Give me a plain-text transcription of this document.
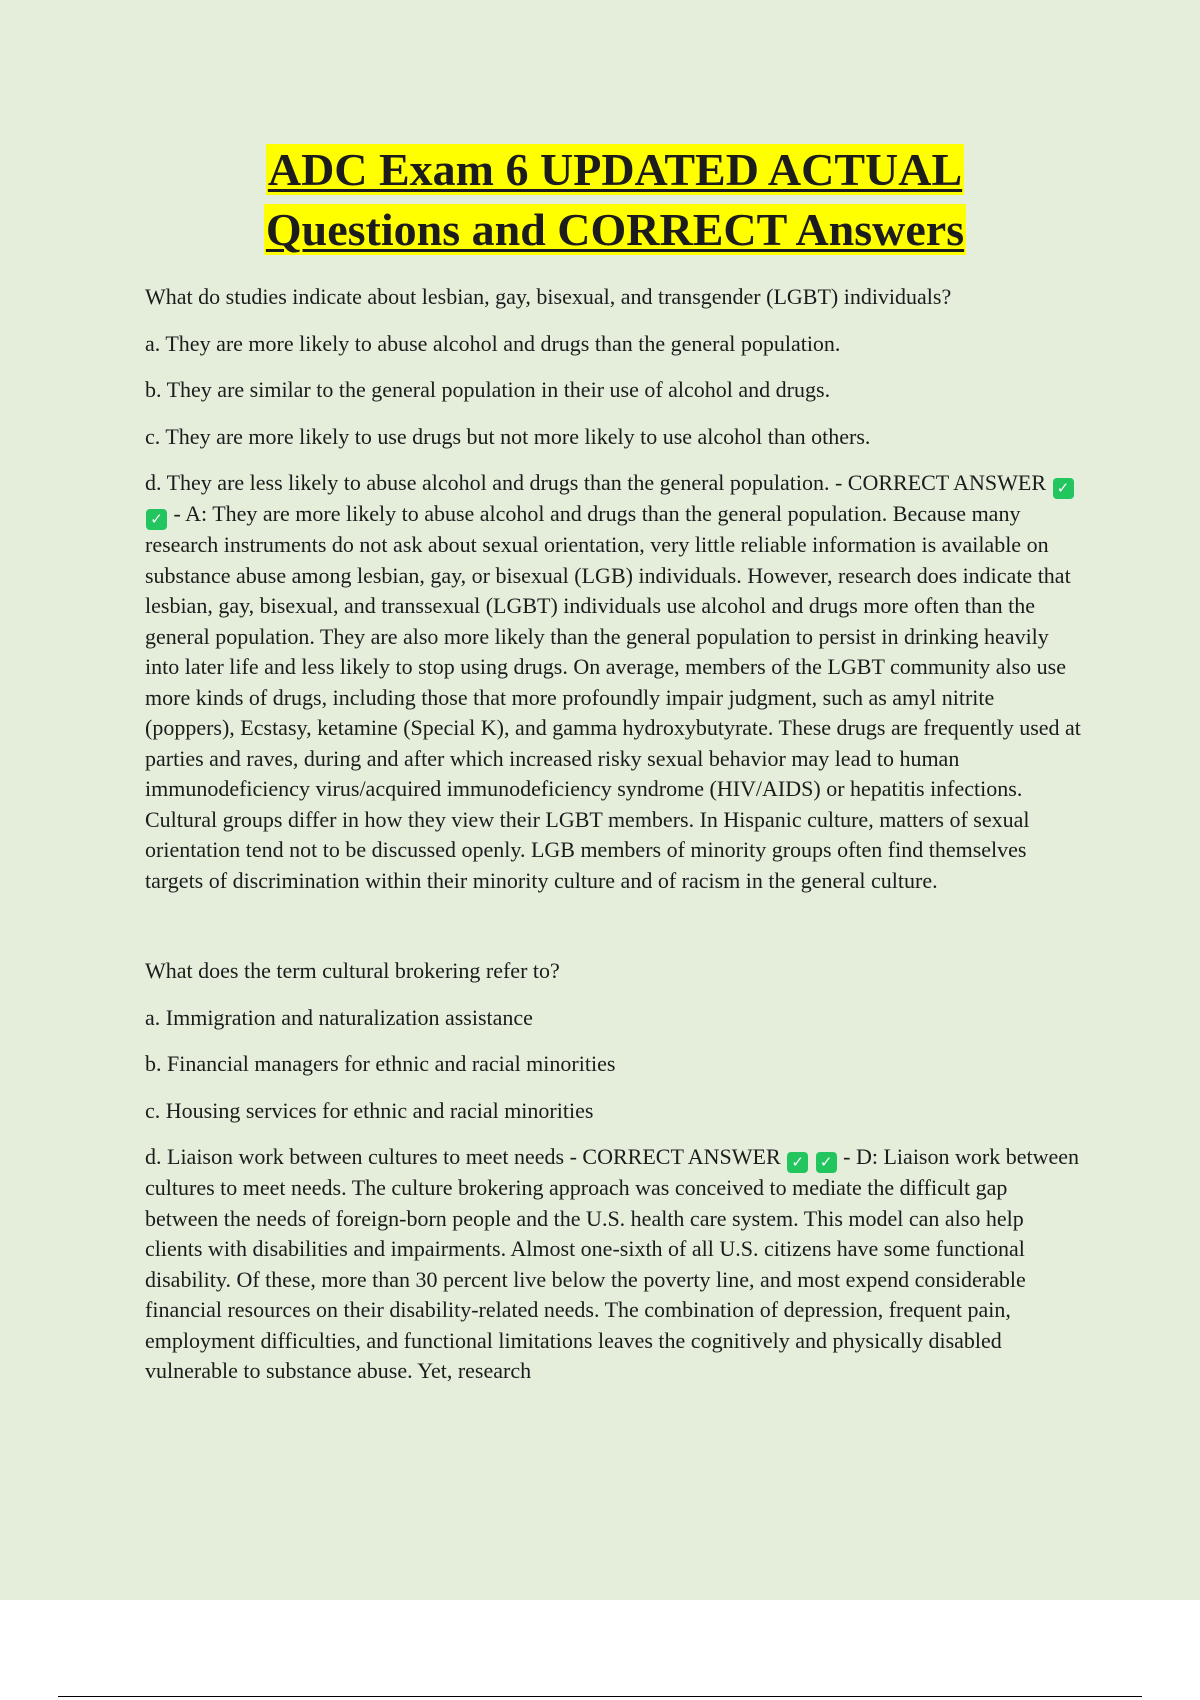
ADC Exam 6 UPDATED ACTUAL
Questions and CORRECT Answers

What do studies indicate about lesbian, gay, bisexual, and transgender (LGBT) individuals?

a. They are more likely to abuse alcohol and drugs than the general population.

b. They are similar to the general population in their use of alcohol and drugs.

c. They are more likely to use drugs but not more likely to use alcohol than others.

d. They are less likely to abuse alcohol and drugs than the general population. - CORRECT ANSWER ✓ ✓ - A: They are more likely to abuse alcohol and drugs than the general population. Because many research instruments do not ask about sexual orientation, very little reliable information is available on substance abuse among lesbian, gay, or bisexual (LGB) individuals. However, research does indicate that lesbian, gay, bisexual, and transsexual (LGBT) individuals use alcohol and drugs more often than the general population. They are also more likely than the general population to persist in drinking heavily into later life and less likely to stop using drugs. On average, members of the LGBT community also use more kinds of drugs, including those that more profoundly impair judgment, such as amyl nitrite (poppers), Ecstasy, ketamine (Special K), and gamma hydroxybutyrate. These drugs are frequently used at parties and raves, during and after which increased risky sexual behavior may lead to human immunodeficiency virus/acquired immunodeficiency syndrome (HIV/AIDS) or hepatitis infections. Cultural groups differ in how they view their LGBT members. In Hispanic culture, matters of sexual orientation tend not to be discussed openly. LGB members of minority groups often find themselves targets of discrimination within their minority culture and of racism in the general culture.

What does the term cultural brokering refer to?

a. Immigration and naturalization assistance

b. Financial managers for ethnic and racial minorities

c. Housing services for ethnic and racial minorities

d. Liaison work between cultures to meet needs - CORRECT ANSWER ✓ ✓ - D: Liaison work between cultures to meet needs. The culture brokering approach was conceived to mediate the difficult gap between the needs of foreign-born people and the U.S. health care system. This model can also help clients with disabilities and impairments. Almost one-sixth of all U.S. citizens have some functional disability. Of these, more than 30 percent live below the poverty line, and most expend considerable financial resources on their disability-related needs. The combination of depression, frequent pain, employment difficulties, and functional limitations leaves the cognitively and physically disabled vulnerable to substance abuse. Yet, research
